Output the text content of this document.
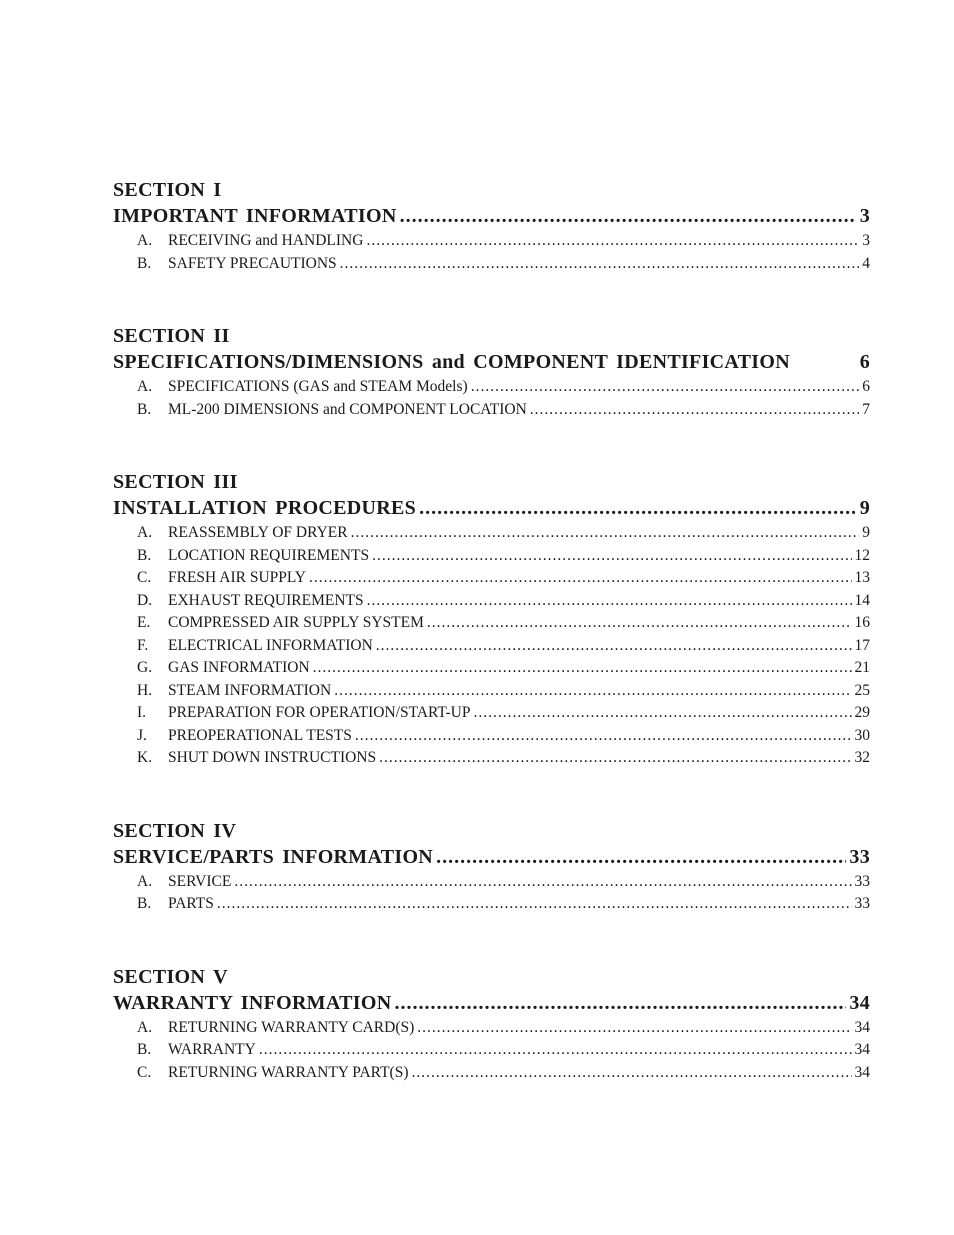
SECTION I
IMPORTANT INFORMATION .....	3
A.	RECEIVING and HANDLING .....	3
B.	SAFETY PRECAUTIONS .....	4
SECTION II
SPECIFICATIONS/DIMENSIONS and COMPONENT IDENTIFICATION	6
A.	SPECIFICATIONS (GAS and STEAM Models) .....	6
B.	ML-200 DIMENSIONS and COMPONENT LOCATION .....	7
SECTION III
INSTALLATION PROCEDURES .....	9
A.	REASSEMBLY OF DRYER .....	9
B.	LOCATION REQUIREMENTS .....	12
C.	FRESH AIR SUPPLY .....	13
D.	EXHAUST REQUIREMENTS .....	14
E.	COMPRESSED AIR SUPPLY SYSTEM .....	16
F.	ELECTRICAL INFORMATION .....	17
G.	GAS INFORMATION .....	21
H.	STEAM INFORMATION .....	25
I.	PREPARATION FOR OPERATION/START-UP .....	29
J.	PREOPERATIONAL TESTS .....	30
K.	SHUT DOWN INSTRUCTIONS .....	32
SECTION IV
SERVICE/PARTS INFORMATION .....	33
A.	SERVICE .....	33
B.	PARTS .....	33
SECTION V
WARRANTY INFORMATION .....	34
A.	RETURNING WARRANTY CARD(S) .....	34
B.	WARRANTY .....	34
C.	RETURNING WARRANTY PART(S) .....	34
